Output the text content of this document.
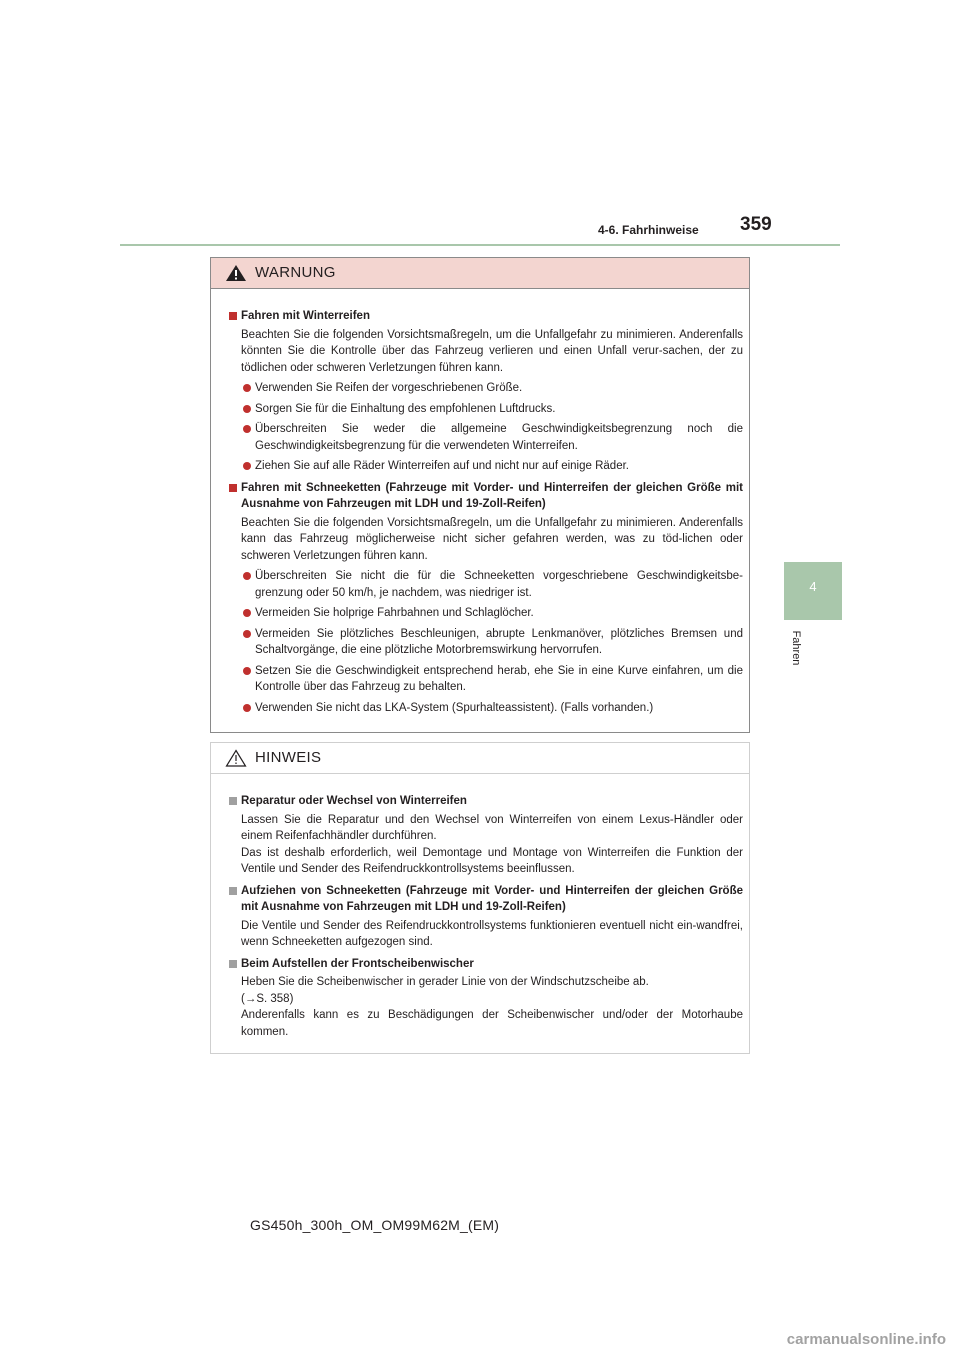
4-6. Fahrhinweise 359
4
Fahren
WARNUNG
Fahren mit Winterreifen
Beachten Sie die folgenden Vorsichtsmaßregeln, um die Unfallgefahr zu minimieren. Anderenfalls könnten Sie die Kontrolle über das Fahrzeug verlieren und einen Unfall verur-sachen, der zu tödlichen oder schweren Verletzungen führen kann.
Verwenden Sie Reifen der vorgeschriebenen Größe.
Sorgen Sie für die Einhaltung des empfohlenen Luftdrucks.
Überschreiten Sie weder die allgemeine Geschwindigkeitsbegrenzung noch die Geschwindigkeitsbegrenzung für die verwendeten Winterreifen.
Ziehen Sie auf alle Räder Winterreifen auf und nicht nur auf einige Räder.
Fahren mit Schneeketten (Fahrzeuge mit Vorder- und Hinterreifen der gleichen Größe mit Ausnahme von Fahrzeugen mit LDH und 19-Zoll-Reifen)
Beachten Sie die folgenden Vorsichtsmaßregeln, um die Unfallgefahr zu minimieren. Anderenfalls kann das Fahrzeug möglicherweise nicht sicher gefahren werden, was zu töd-lichen oder schweren Verletzungen führen kann.
Überschreiten Sie nicht die für die Schneeketten vorgeschriebene Geschwindigkeitsbe-grenzung oder 50 km/h, je nachdem, was niedriger ist.
Vermeiden Sie holprige Fahrbahnen und Schlaglöcher.
Vermeiden Sie plötzliches Beschleunigen, abrupte Lenkmanöver, plötzliches Bremsen und Schaltvorgänge, die eine plötzliche Motorbremswirkung hervorrufen.
Setzen Sie die Geschwindigkeit entsprechend herab, ehe Sie in eine Kurve einfahren, um die Kontrolle über das Fahrzeug zu behalten.
Verwenden Sie nicht das LKA-System (Spurhalteassistent). (Falls vorhanden.)
HINWEIS
Reparatur oder Wechsel von Winterreifen
Lassen Sie die Reparatur und den Wechsel von Winterreifen von einem Lexus-Händler oder einem Reifenfachhändler durchführen.
Das ist deshalb erforderlich, weil Demontage und Montage von Winterreifen die Funktion der Ventile und Sender des Reifendruckkontrollsystems beeinflussen.
Aufziehen von Schneeketten (Fahrzeuge mit Vorder- und Hinterreifen der gleichen Größe mit Ausnahme von Fahrzeugen mit LDH und 19-Zoll-Reifen)
Die Ventile und Sender des Reifendruckkontrollsystems funktionieren eventuell nicht ein-wandfrei, wenn Schneeketten aufgezogen sind.
Beim Aufstellen der Frontscheibenwischer
Heben Sie die Scheibenwischer in gerader Linie von der Windschutzscheibe ab.
(→S. 358)
Anderenfalls kann es zu Beschädigungen der Scheibenwischer und/oder der Motorhaube kommen.
GS450h_300h_OM_OM99M62M_(EM)
carmanualsonline.info
